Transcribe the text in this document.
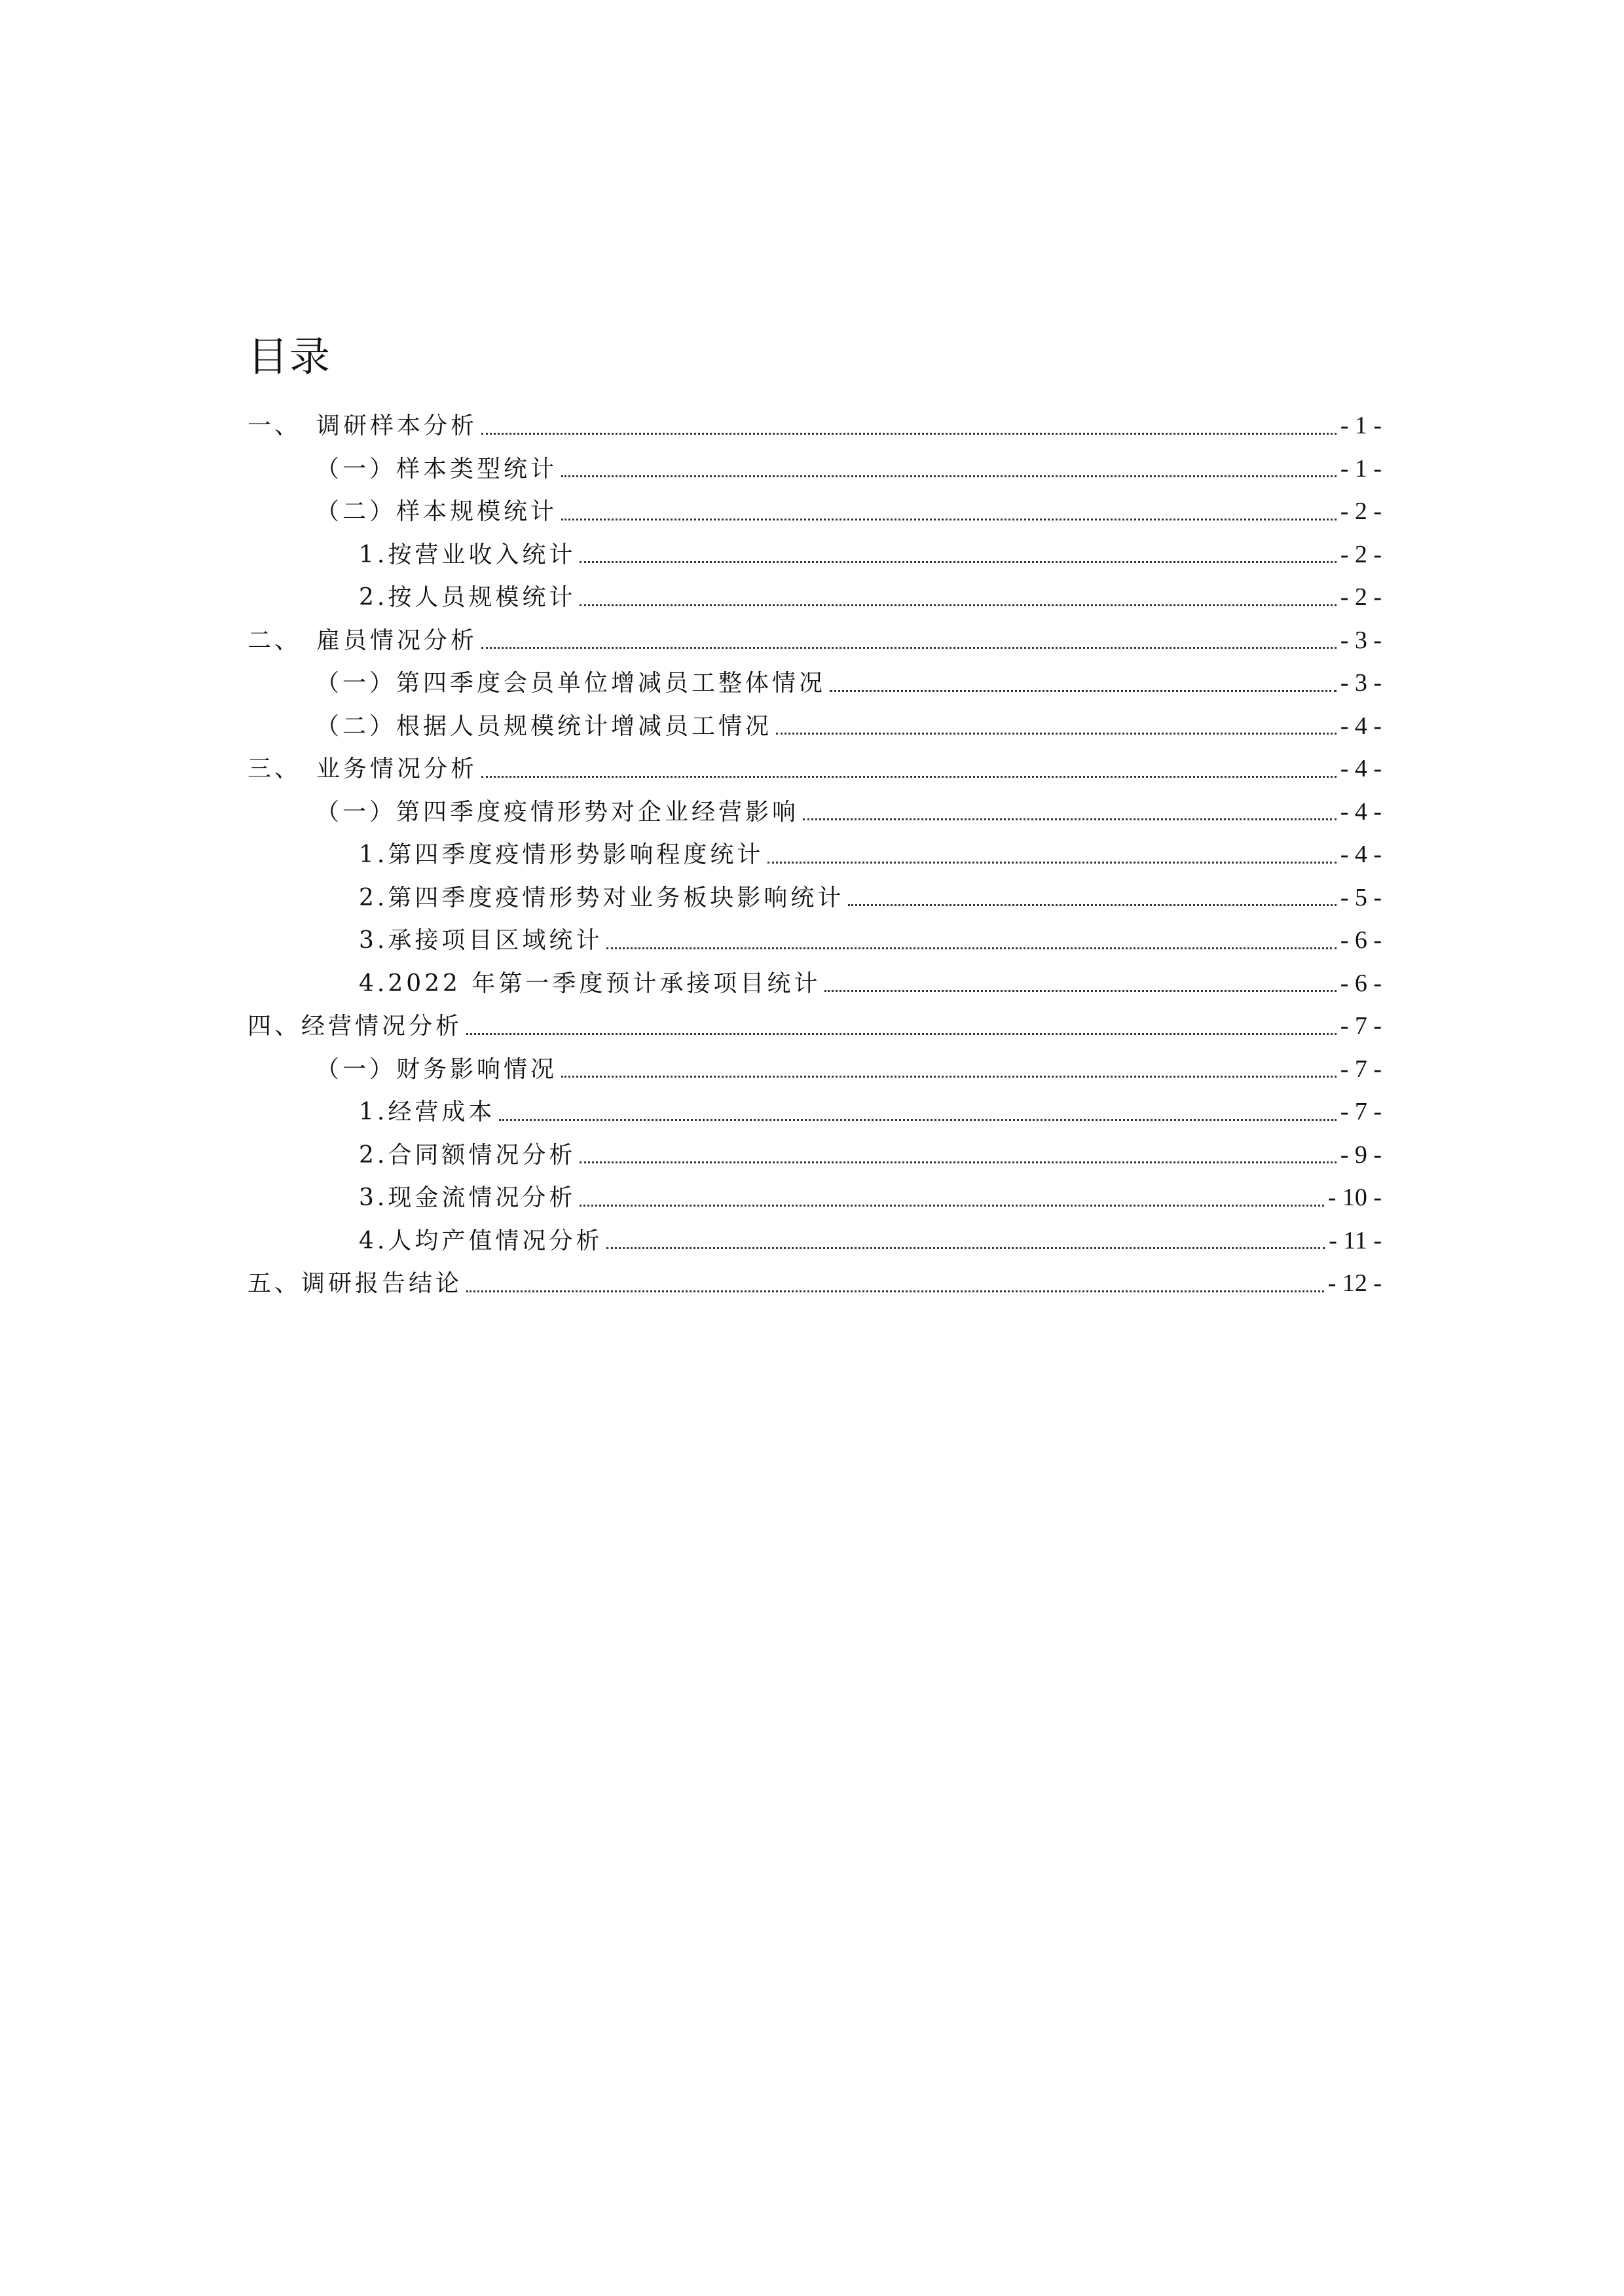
目录
一、　调研样本分析	- 1 -
（一）样本类型统计	- 1 -
（二）样本规模统计	- 2 -
1.按营业收入统计	- 2 -
2.按人员规模统计	- 2 -
二、　雇员情况分析	- 3 -
（一）第四季度会员单位增减员工整体情况	- 3 -
（二）根据人员规模统计增减员工情况	- 4 -
三、　业务情况分析	- 4 -
（一）第四季度疫情形势对企业经营影响	- 4 -
1.第四季度疫情形势影响程度统计	- 4 -
2.第四季度疫情形势对业务板块影响统计	- 5 -
3.承接项目区域统计	- 6 -
4.2022 年第一季度预计承接项目统计	- 6 -
四、经营情况分析	- 7 -
（一）财务影响情况	- 7 -
1.经营成本	- 7 -
2.合同额情况分析	- 9 -
3.现金流情况分析	- 10 -
4.人均产值情况分析	- 11 -
五、调研报告结论	- 12 -
